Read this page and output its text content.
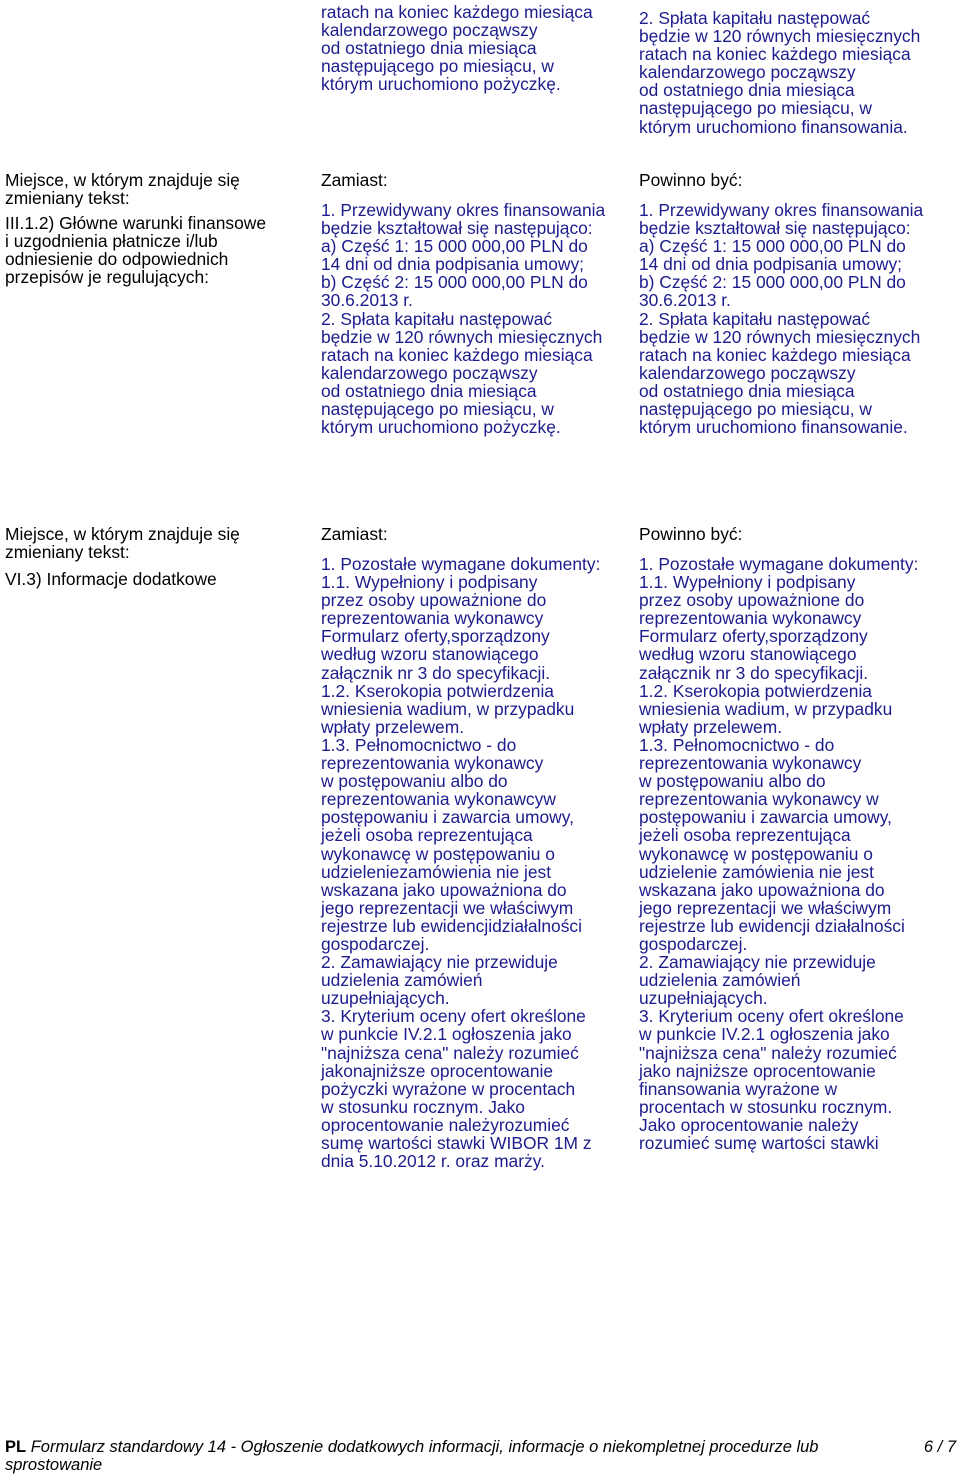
ratach na koniec każdego miesiąca
kalendarzowego począwszy
od ostatniego dnia miesiąca
następującego po miesiącu, w
którym uruchomiono pożyczkę.
2. Spłata kapitału następować
będzie w 120 równych miesięcznych
ratach na koniec każdego miesiąca
kalendarzowego począwszy
od ostatniego dnia miesiąca
następującego po miesiącu, w
którym uruchomiono finansowania.
Miejsce, w którym znajduje się
zmieniany tekst:
III.1.2) Główne warunki finansowe
i uzgodnienia płatnicze i/lub
odniesienie do odpowiednich
przepisów je regulujących:
Zamiast:	Powinno być:
1. Przewidywany okres finansowania
będzie kształtował się następująco:
a) Część 1: 15 000 000,00 PLN do
14 dni od dnia podpisania umowy;
b) Część 2: 15 000 000,00 PLN do
30.6.2013 r.
2. Spłata kapitału następować
będzie w 120 równych miesięcznych
ratach na koniec każdego miesiąca
kalendarzowego począwszy
od ostatniego dnia miesiąca
następującego po miesiącu, w
którym uruchomiono pożyczkę.
1. Przewidywany okres finansowania
będzie kształtował się następująco:
a) Część 1: 15 000 000,00 PLN do
14 dni od dnia podpisania umowy;
b) Część 2: 15 000 000,00 PLN do
30.6.2013 r.
2. Spłata kapitału następować
będzie w 120 równych miesięcznych
ratach na koniec każdego miesiąca
kalendarzowego począwszy
od ostatniego dnia miesiąca
następującego po miesiącu, w
którym uruchomiono finansowanie.
Miejsce, w którym znajduje się
zmieniany tekst:
VI.3) Informacje dodatkowe
Zamiast:	Powinno być:
1. Pozostałe wymagane dokumenty:
1.1. Wypełniony i podpisany
przez osoby upoważnione do
reprezentowania wykonawcy
Formularz oferty,sporządzony
według wzoru stanowiącego
załącznik nr 3 do specyfikacji.
1.2. Kserokopia potwierdzenia
wniesienia wadium, w przypadku
wpłaty przelewem.
1.3. Pełnomocnictwo - do
reprezentowania wykonawcy
w postępowaniu albo do
reprezentowania wykonawcyw
postępowaniu i zawarcia umowy,
jeżeli osoba reprezentująca
wykonawcę w postępowaniu o
udzieleniezamówienia nie jest
wskazana jako upoważniona do
jego reprezentacji we właściwym
rejestrze lub ewidencjidziałalności
gospodarczej.
2. Zamawiający nie przewiduje
udzielenia zamówień
uzupełniających.
3. Kryterium oceny ofert określone
w punkcie IV.2.1 ogłoszenia jako
"najniższa cena" należy rozumieć
jakonajniższe oprocentowanie
pożyczki wyrażone w procentach
w stosunku rocznym. Jako
oprocentowanie należyrozumieć
sumę wartości stawki WIBOR 1M z
dnia 5.10.2012 r. oraz marży.
1. Pozostałe wymagane dokumenty:
1.1. Wypełniony i podpisany
przez osoby upoważnione do
reprezentowania wykonawcy
Formularz oferty,sporządzony
według wzoru stanowiącego
załącznik nr 3 do specyfikacji.
1.2. Kserokopia potwierdzenia
wniesienia wadium, w przypadku
wpłaty przelewem.
1.3. Pełnomocnictwo - do
reprezentowania wykonawcy
w postępowaniu albo do
reprezentowania wykonawcy w
postępowaniu i zawarcia umowy,
jeżeli osoba reprezentująca
wykonawcę w postępowaniu o
udzielenie zamówienia nie jest
wskazana jako upoważniona do
jego reprezentacji we właściwym
rejestrze lub ewidencji działalności
gospodarczej.
2. Zamawiający nie przewiduje
udzielenia zamówień
uzupełniających.
3. Kryterium oceny ofert określone
w punkcie IV.2.1 ogłoszenia jako
"najniższa cena" należy rozumieć
jako najniższe oprocentowanie
finansowania wyrażone w
procentach w stosunku rocznym.
Jako oprocentowanie należy
rozumieć sumę wartości stawki
PL Formularz standardowy 14 - Ogłoszenie dodatkowych informacji, informacje o niekompletnej procedurze lub
sprostowanie
6 / 7
